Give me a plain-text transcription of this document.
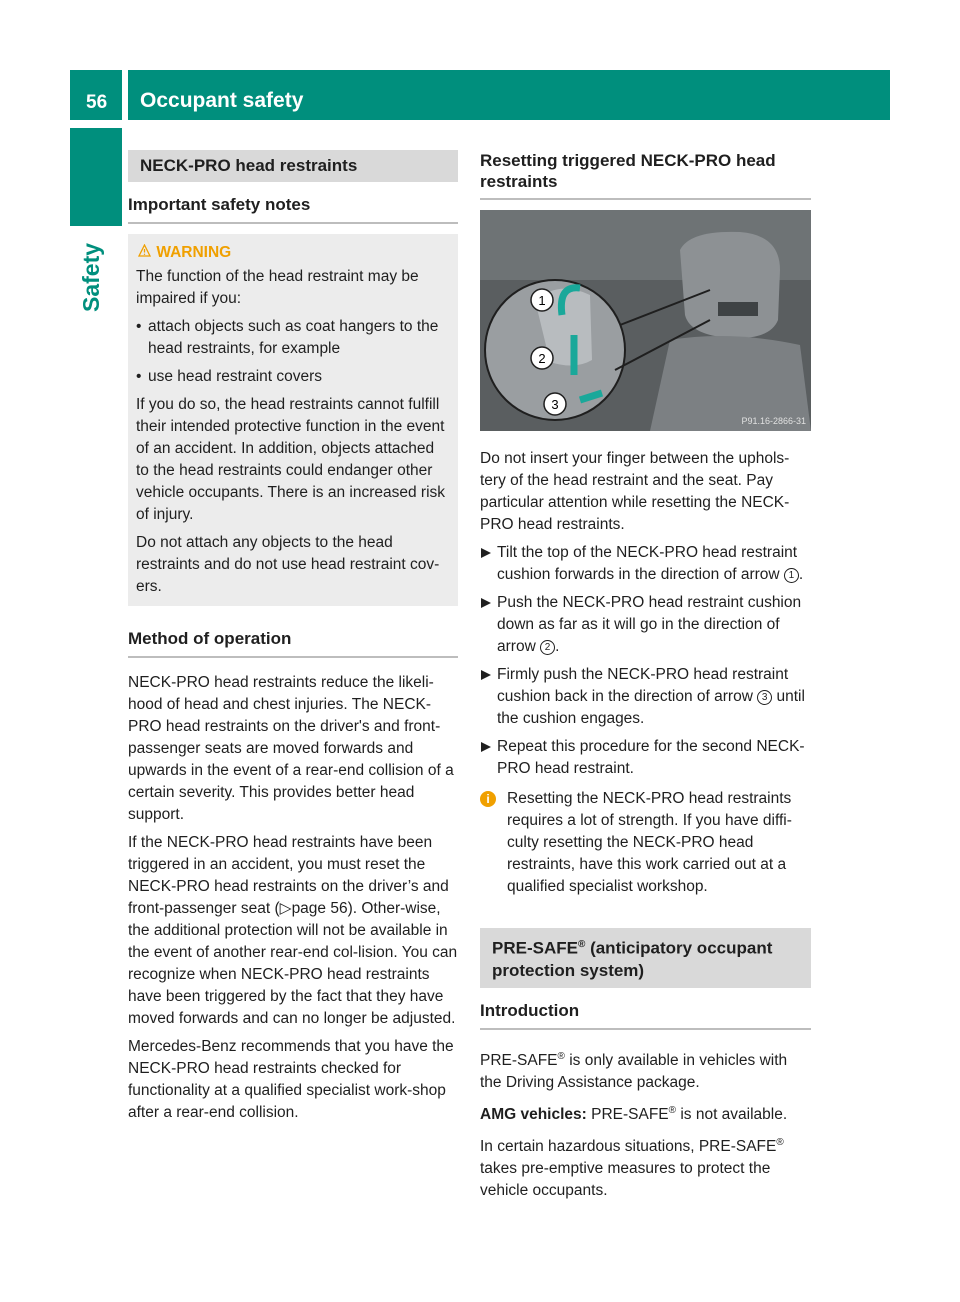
56 Occupant safety
Safety
NECK-PRO head restraints
Important safety notes
WARNING

The function of the head restraint may be impaired if you:

• attach objects such as coat hangers to the head restraints, for example
• use head restraint covers

If you do so, the head restraints cannot fulfill their intended protective function in the event of an accident. In addition, objects attached to the head restraints could endanger other vehicle occupants. There is an increased risk of injury.

Do not attach any objects to the head restraints and do not use head restraint cov-ers.

Method of operation

NECK-PRO head restraints reduce the likeli-hood of head and chest injuries. The NECK-PRO head restraints on the driver's and front-passenger seats are moved forwards and upwards in the event of a rear-end collision of a certain severity. This provides better head support.

If the NECK-PRO head restraints have been triggered in an accident, you must reset the NECK-PRO head restraints on the driver’s and front-passenger seat (▷page 56). Other-wise, the additional protection will not be available in the event of another rear-end col-lision. You can recognize when NECK-PRO head restraints have been triggered by the fact that they have moved forwards and can no longer be adjusted.

Mercedes-Benz recommends that you have the NECK-PRO head restraints checked for functionality at a qualified specialist work-shop after a rear-end collision.

Resetting triggered NECK-PRO head restraints
1
2
3
P91.16-2866-31

Do not insert your finger between the uphols-tery of the head restraint and the seat. Pay particular attention while resetting the NECK-PRO head restraints.

Tilt the top of the NECK-PRO head restraint cushion forwards in the direction of arrow 1 .
Push the NECK-PRO head restraint cushion down as far as it will go in the direction of arrow 2 .
Firmly push the NECK-PRO head restraint cushion back in the direction of arrow 3 until the cushion engages.
Repeat this procedure for the second NECK-PRO head restraint.
i	Resetting the NECK-PRO head restraints requires a lot of strength. If you have diffi-culty resetting the NECK-PRO head restraints, have this work carried out at a qualified specialist workshop.
PRE-SAFE® (anticipatory occupant protection system)
Introduction

PRE-SAFE® is only available in vehicles with the Driving Assistance package.

AMG vehicles: PRE-SAFE® is not available.

In certain hazardous situations, PRE-SAFE® takes pre-emptive measures to protect the vehicle occupants.
